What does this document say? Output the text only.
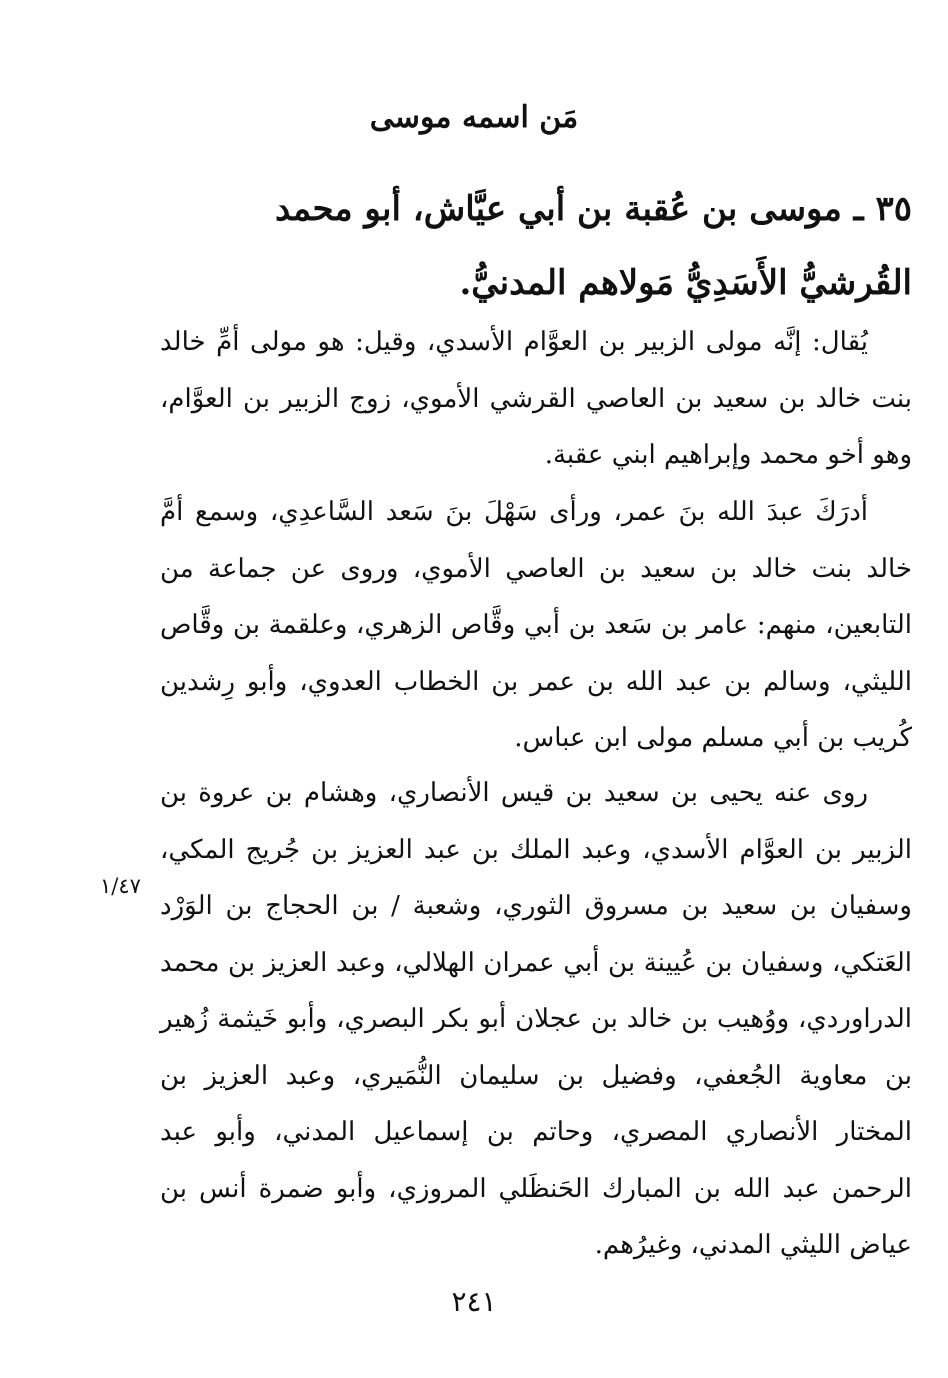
مَن اسمه موسى
٣٥ ـ موسى بن عُقبة بن أبي عيَّاش، أبو محمد القُرشيُّ الأَسَدِيُّ مَولاهم المدنيُّ.

يُقال: إنَّه مولى الزبير بن العوَّام الأسدي، وقيل: هو مولى أمِّ خالد بنت خالد بن سعيد بن العاصي القرشي الأموي، زوج الزبير بن العوَّام، وهو أخو محمد وإبراهيم ابني عقبة.

أدرَكَ عبدَ الله بنَ عمر، ورأى سَهْلَ بنَ سَعد السَّاعدِي، وسمع أمَّ خالد بنت خالد بن سعيد بن العاصي الأموي، وروى عن جماعة من التابعين، منهم: عامر بن سَعد بن أبي وقَّاص الزهري، وعلقمة بن وقَّاص الليثي، وسالم بن عبد الله بن عمر بن الخطاب العدوي، وأبو رِشدين كُريب بن أبي مسلم مولى ابن عباس.

روى عنه يحيى بن سعيد بن قيس الأنصاري، وهشام بن عروة بن الزبير بن العوَّام الأسدي، وعبد الملك بن عبد العزيز بن جُريج المكي، وسفيان بن سعيد بن مسروق الثوري، وشعبة / بن الحجاج بن الوَرْد العَتكي، وسفيان بن عُيينة بن أبي عمران الهلالي، وعبد العزيز بن محمد الدراوردي، ووُهيب بن خالد بن عجلان أبو بكر البصري، وأبو خَيثمة زُهير بن معاوية الجُعفي، وفضيل بن سليمان النُّمَيري، وعبد العزيز بن المختار الأنصاري المصري، وحاتم بن إسماعيل المدني، وأبو عبد الرحمن عبد الله بن المبارك الحَنظَلي المروزي، وأبو ضمرة أنس بن عياض الليثي المدني، وغيرُهم.

١/٤٧
٢٤١
